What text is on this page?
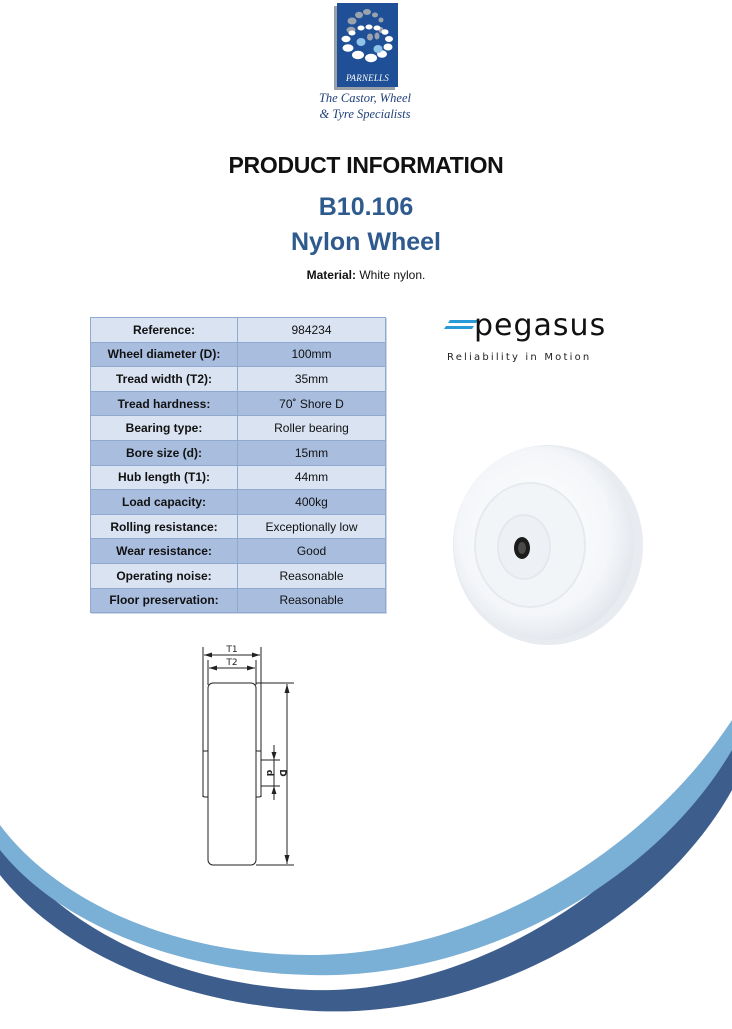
PARNELLS
The Castor, Wheel
& Tyre Specialists
PRODUCT INFORMATION
B10.106
Nylon Wheel
Material: White nylon.
Reference:	984234
Wheel diameter (D):	100mm
Tread width (T2):	35mm
Tread hardness:	70˚ Shore D
Bearing type:	Roller bearing
Bore size (d):	15mm
Hub length (T1):	44mm
Load capacity:	400kg
Rolling resistance:	Exceptionally low
Wear resistance:	Good
Operating noise:	Reasonable
Floor preservation:	Reasonable
pegasus
Reliability in Motion
T1
T2
d D
